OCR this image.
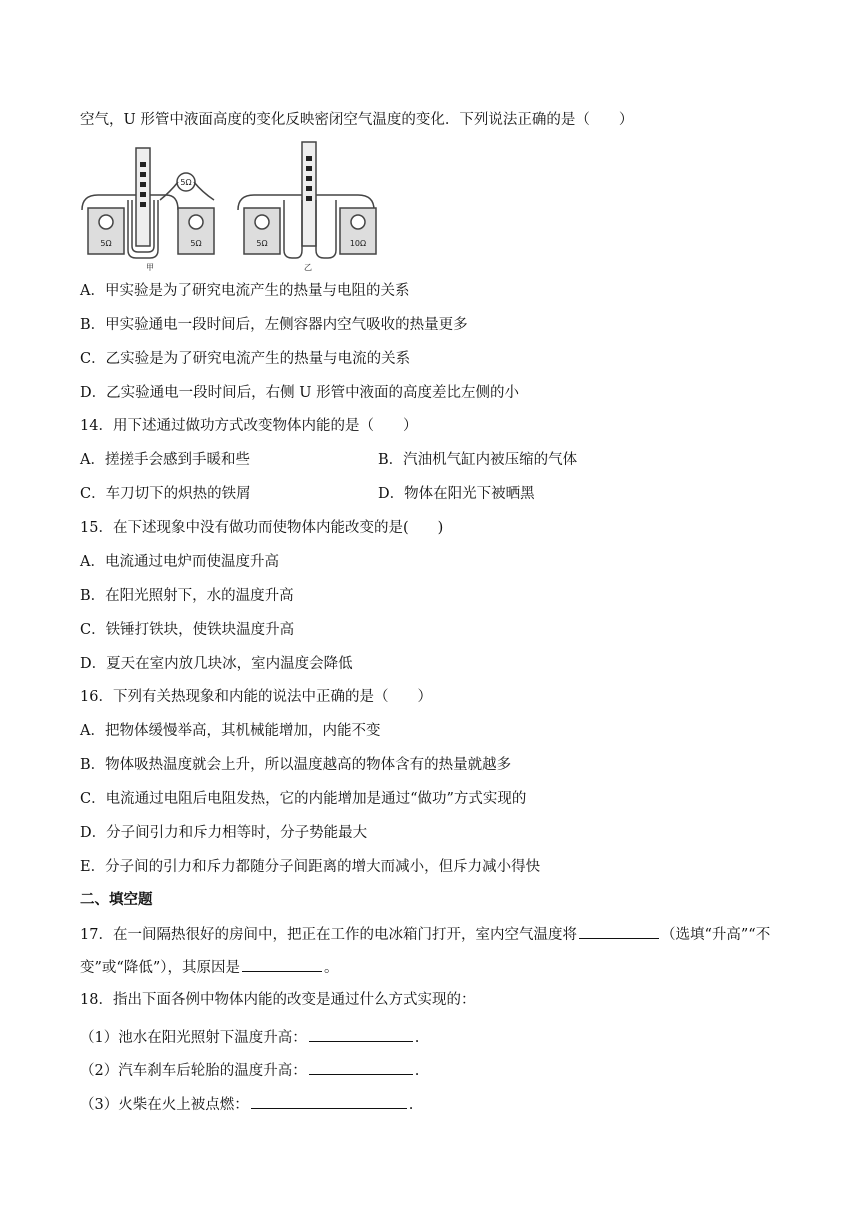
空气，U 形管中液面高度的变化反映密闭空气温度的变化．下列说法正确的是（　　）
5Ω	5Ω
5Ω
5Ω	10Ω
甲	乙
A．甲实验是为了研究电流产生的热量与电阻的关系
B．甲实验通电一段时间后，左侧容器内空气吸收的热量更多
C．乙实验是为了研究电流产生的热量与电流的关系
D．乙实验通电一段时间后，右侧 U 形管中液面的高度差比左侧的小
14．用下述通过做功方式改变物体内能的是（　　）
A．搓搓手会感到手暖和些	B．汽油机气缸内被压缩的气体
C．车刀切下的炽热的铁屑	D．物体在阳光下被晒黑
15．在下述现象中没有做功而使物体内能改变的是(　　)
A．电流通过电炉而使温度升高
B．在阳光照射下，水的温度升高
C．铁锤打铁块，使铁块温度升高
D．夏天在室内放几块冰，室内温度会降低
16．下列有关热现象和内能的说法中正确的是（　　）
A．把物体缓慢举高，其机械能增加，内能不变
B．物体吸热温度就会上升，所以温度越高的物体含有的热量就越多
C．电流通过电阻后电阻发热，它的内能增加是通过“做功”方式实现的
D．分子间引力和斥力相等时，分子势能最大
E．分子间的引力和斥力都随分子间距离的增大而减小，但斥力减小得快
二、填空题
17．在一间隔热很好的房间中，把正在工作的电冰箱门打开，室内空气温度将	（选填“升高”“不
变”或“降低”），其原因是	。
18．指出下面各例中物体内能的改变是通过什么方式实现的：
（1）池水在阳光照射下温度升高：	.
（2）汽车刹车后轮胎的温度升高：	.
（3）火柴在火上被点燃：	.
